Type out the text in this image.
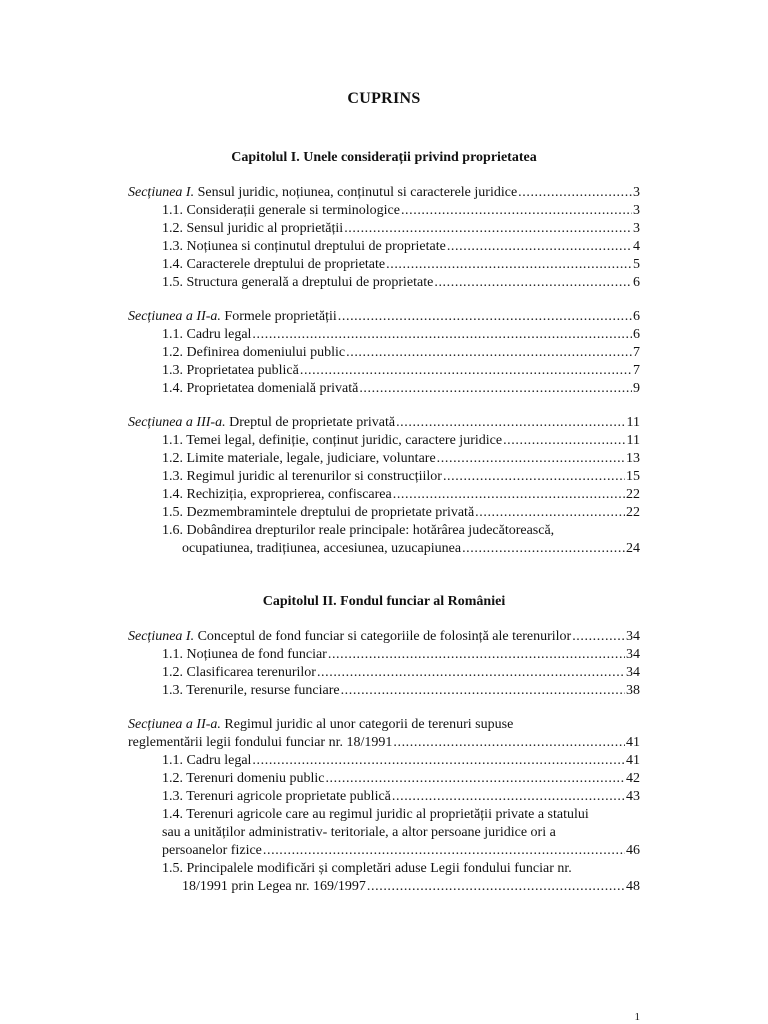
CUPRINS

Capitolul I. Unele considerații privind proprietatea

Secțiunea I. Sensul juridic, noțiunea, conținutul si caracterele juridice .....	3
1.1. Considerații generale si terminologice .....	3
1.2. Sensul juridic al proprietății .....	3
1.3. Noțiunea si conținutul dreptului de proprietate .....	4
1.4. Caracterele dreptului de proprietate .....	5
1.5. Structura generală a dreptului de proprietate .....	6
Secțiunea a II-a. Formele proprietății .....	6
1.1. Cadru legal .....	6
1.2. Definirea domeniului public .....	7
1.3. Proprietatea publică .....	7
1.4. Proprietatea domenială privată .....	9
Secțiunea a III-a. Dreptul de proprietate privată .....	11
1.1. Temei legal, definiție, conținut juridic, caractere juridice .....	11
1.2. Limite materiale, legale, judiciare, voluntare .....	13
1.3. Regimul juridic al terenurilor si construcțiilor .....	15
1.4. Rechiziția, exproprierea, confiscarea .....	22
1.5. Dezmembramintele dreptului de proprietate privată .....	22
1.6. Dobândirea drepturilor reale principale: hotărârea judecătorească,
ocupatiunea, tradițiunea, accesiunea, uzucapiunea .....	24

Capitolul II. Fondul funciar al României

Secțiunea I. Conceptul de fond funciar si categoriile de folosință ale terenurilor .....	34
1.1. Noțiunea de fond funciar .....	34
1.2. Clasificarea terenurilor .....	34
1.3. Terenurile, resurse funciare .....	38
Secțiunea a II-a. Regimul juridic al unor categorii de terenuri supuse
reglementării legii fondului funciar nr. 18/1991 .....	41
1.1. Cadru legal .....	41
1.2. Terenuri domeniu public .....	42
1.3. Terenuri agricole proprietate publică .....	43
1.4. Terenuri agricole care au regimul juridic al proprietății private a statului
sau a unităților administrativ- teritoriale, a altor persoane juridice ori a
persoanelor fizice .....	46
1.5. Principalele modificări și completări aduse Legii fondului funciar nr.
18/1991 prin Legea nr. 169/1997 .....	48
1
